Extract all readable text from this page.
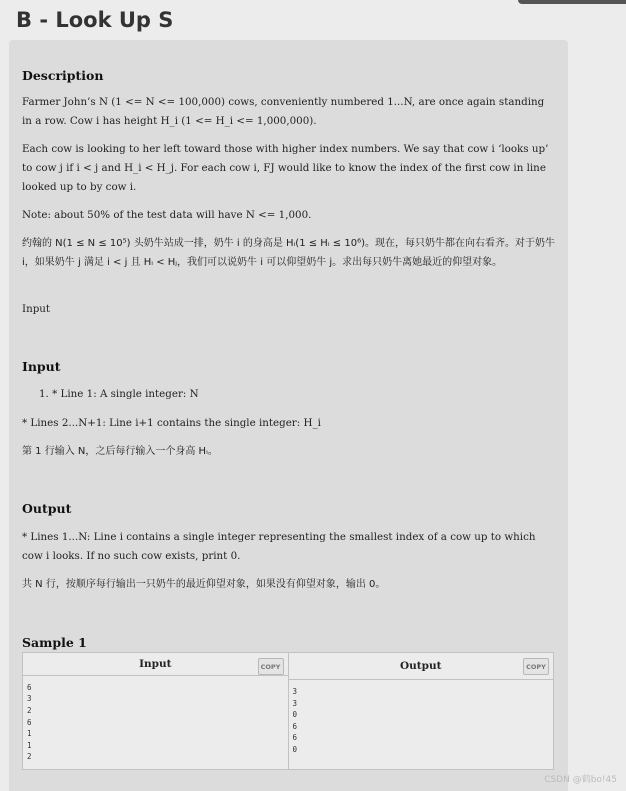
B - Look Up S
Description

Farmer John’s N (1 <= N <= 100,000) cows, conveniently numbered 1...N, are once again standing in a row. Cow i has height H_i (1 <= H_i <= 1,000,000).

Each cow is looking to her left toward those with higher index numbers. We say that cow i ‘looks up’ to cow j if i < j and H_i < H_j. For each cow i, FJ would like to know the index of the first cow in line looked up to by cow i.

Note: about 50% of the test data will have N <= 1,000.

约翰的 N(1 ≤ N ≤ 10⁵) 头奶牛站成一排，奶牛 i 的身高是 Hᵢ(1 ≤ Hᵢ ≤ 10⁶)。现在，每只奶牛都在向右看齐。对于奶牛 i，如果奶牛 j 满足 i < j 且 Hᵢ < Hⱼ，我们可以说奶牛 i 可以仰望奶牛 j。求出每只奶牛离她最近的仰望对象。

Input

Input
1. * Line 1: A single integer: N

* Lines 2...N+1: Line i+1 contains the single integer: H_i

第 1 行输入 N，之后每行输入一个身高 Hᵢ。

Output

* Lines 1...N: Line i contains a single integer representing the smallest index of a cow up to which cow i looks. If no such cow exists, print 0.

共 N 行，按顺序每行输出一只奶牛的最近仰望对象，如果没有仰望对象，输出 0。

Sample 1
Input	COPY
6
3
2
6
1
1
2
Output	COPY
3
3
0
6
6
0
CSDN @鹤bo!45
